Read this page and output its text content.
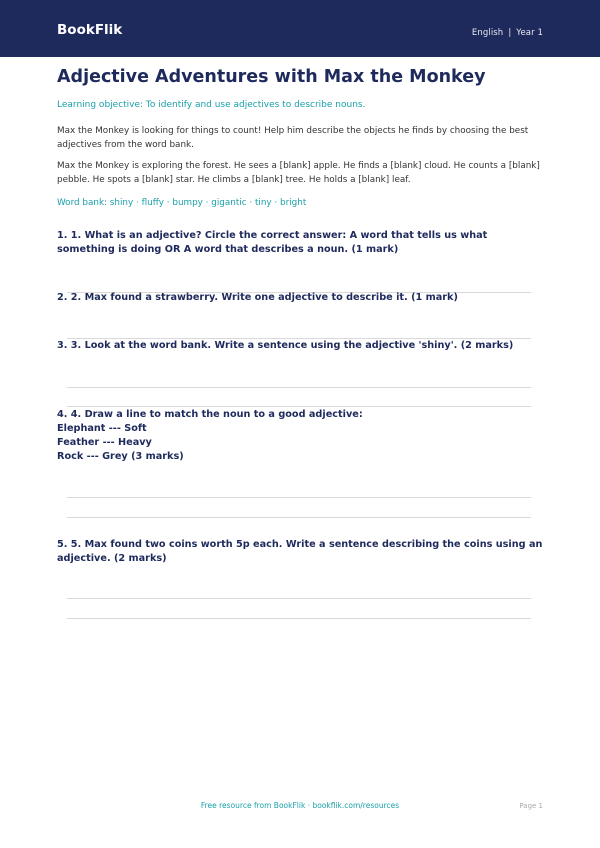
BookFlik	English | Year 1
Adjective Adventures with Max the Monkey

Learning objective: To identify and use adjectives to describe nouns.

Max the Monkey is looking for things to count! Help him describe the objects he finds by choosing the best adjectives from the word bank.

Max the Monkey is exploring the forest. He sees a [blank] apple. He finds a [blank] cloud. He counts a [blank] pebble. He spots a [blank] star. He climbs a [blank] tree. He holds a [blank] leaf.

Word bank: shiny · fluffy · bumpy · gigantic · tiny · bright

1. 1. What is an adjective? Circle the correct answer: A word that tells us what something is doing OR A word that describes a noun. (1 mark)
2. 2. Max found a strawberry. Write one adjective to describe it. (1 mark)
3. 3. Look at the word bank. Write a sentence using the adjective 'shiny'. (2 marks)
4. 4. Draw a line to match the noun to a good adjective:
Elephant --- Soft
Feather --- Heavy
Rock --- Grey (3 marks)
5. 5. Max found two coins worth 5p each. Write a sentence describing the coins using an adjective. (2 marks)
Free resource from BookFlik · bookflik.com/resources	Page 1
